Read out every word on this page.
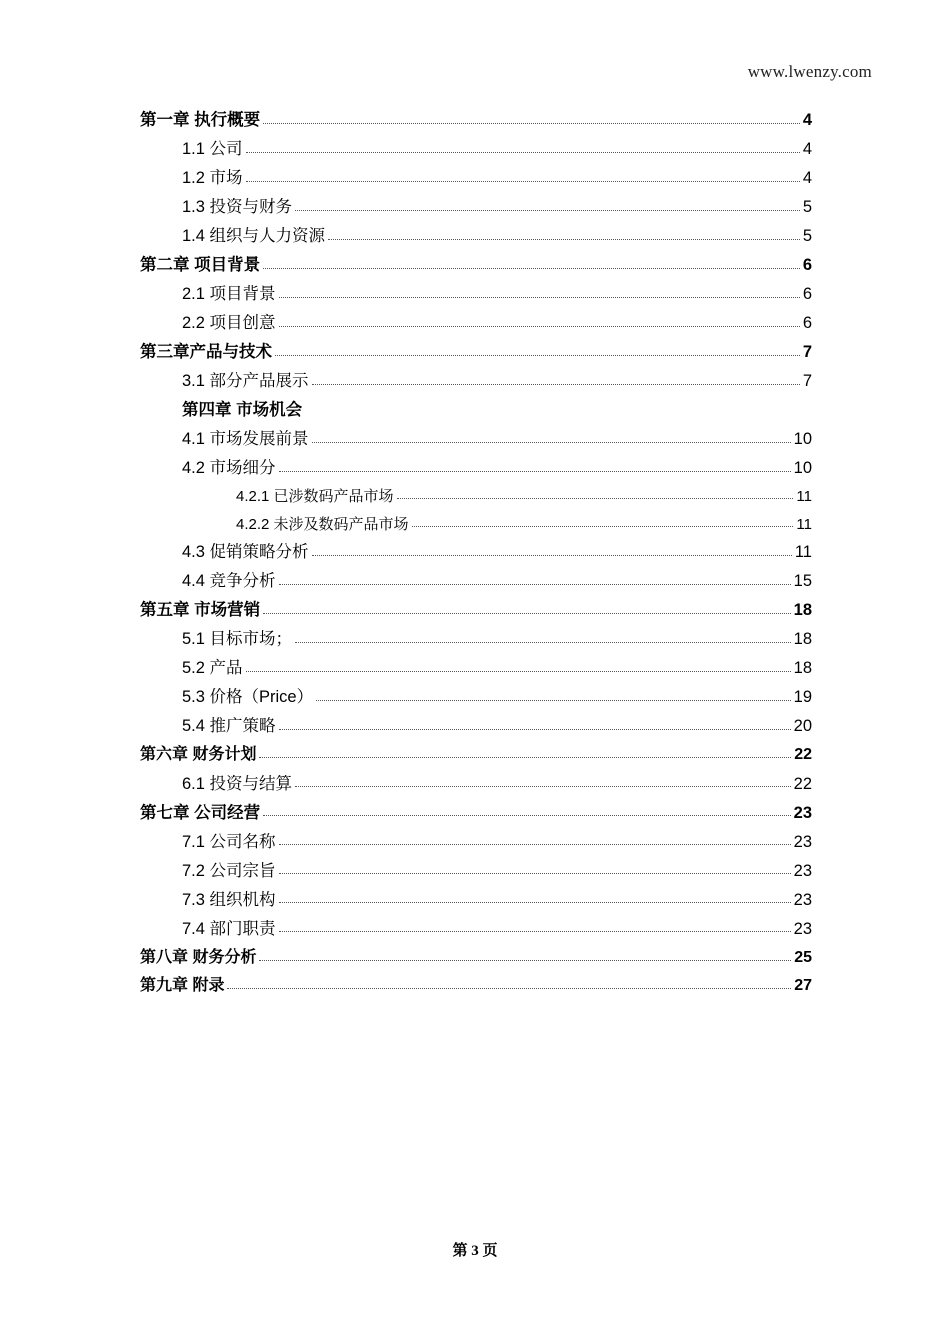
www.lwenzy.com
第一章 执行概要	4
1.1 公司	4
1.2 市场	4
1.3 投资与财务	5
1.4 组织与人力资源	5
第二章 项目背景	6
2.1 项目背景	6
2.2 项目创意	6
第三章产品与技术	7
3.1 部分产品展示	7
第四章 市场机会
4.1 市场发展前景	10
4.2 市场细分	10
4.2.1 已涉数码产品市场	11
4.2.2 未涉及数码产品市场	11
4.3 促销策略分析	11
4.4 竞争分析	15
第五章 市场营销	18
5.1 目标市场；	18
5.2 产品	18
5.3 价格（Price）	19
5.4 推广策略	20
第六章 财务计划	22
6.1 投资与结算	22
第七章 公司经营	23
7.1 公司名称	23
7.2 公司宗旨	23
7.3 组织机构	23
7.4 部门职责	23
第八章 财务分析	25
第九章 附录	27
第 3 页
